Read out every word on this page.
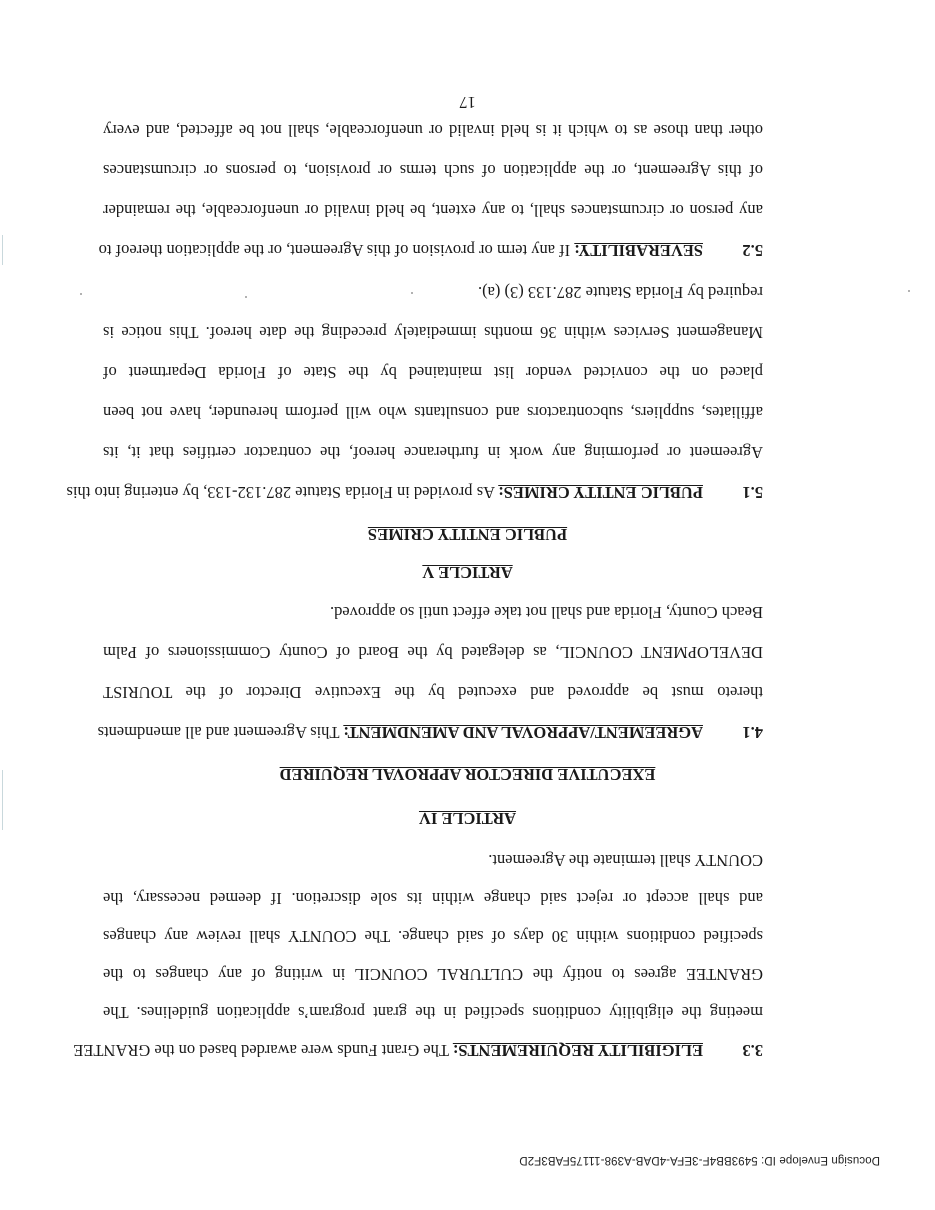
Docusign Envelope ID: 5493BB4F-3EFA-4DAB-A398-11175FAB3F2D
3.3
ELIGIBILITY REQUIREMENTS: The Grant Funds were awarded based on the GRANTEE
meeting the eligibility conditions specified in the grant program’s application guidelines. The
GRANTEE agrees to notify the CULTURAL COUNCIL in writing of any changes to the
specified conditions within 30 days of said change. The COUNTY shall review any changes
and shall accept or reject said change within its sole discretion. If deemed necessary, the
COUNTY shall terminate the Agreement.
ARTICLE IV
EXECUTIVE DIRECTOR APPROVAL REQUIRED
4.1
AGREEMENT/APPROVAL AND AMENDMENT: This Agreement and all amendments
thereto must be approved and executed by the Executive Director of the TOURIST
DEVELOPMENT COUNCIL, as delegated by the Board of County Commissioners of Palm
Beach County, Florida and shall not take effect until so approved.
ARTICLE V
PUBLIC ENTITY CRIMES
5.1
PUBLIC ENTITY CRIMES: As provided in Florida Statute 287.132-133, by entering into this
Agreement or performing any work in furtherance hereof, the contractor certifies that it, its
affiliates, suppliers, subcontractors and consultants who will perform hereunder, have not been
placed on the convicted vendor list maintained by the State of Florida Department of
Management Services within 36 months immediately preceding the date hereof. This notice is
required by Florida Statute 287.133 (3) (a).
5.2
SEVERABILITY: If any term or provision of this Agreement, or the application thereof to
any person or circumstances shall, to any extent, be held invalid or unenforceable, the remainder
of this Agreement, or the application of such terms or provision, to persons or circumstances
other than those as to which it is held invalid or unenforceable, shall not be affected, and every
17
